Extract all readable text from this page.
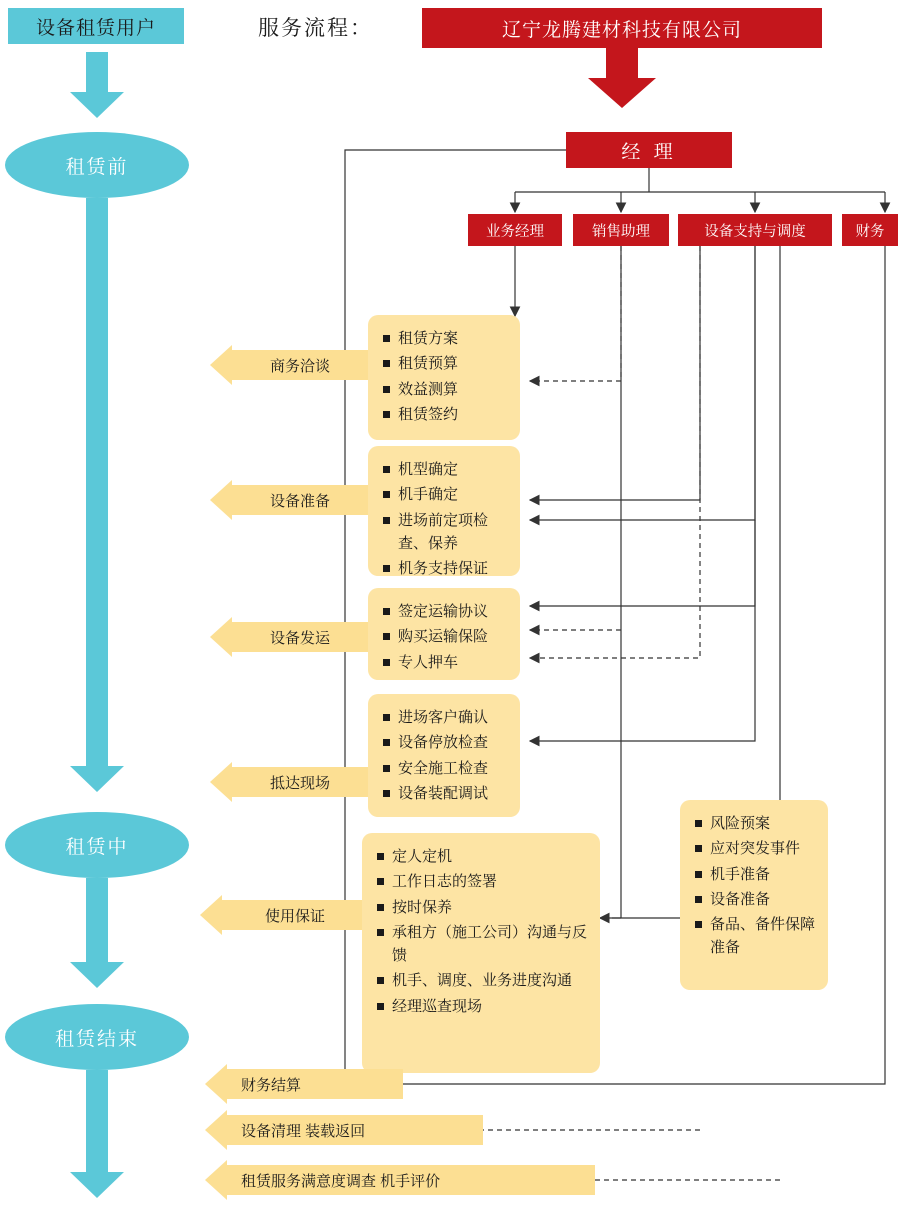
设备租赁用户
租赁前
租赁中
租赁结束
服务流程：	辽宁龙腾建材科技有限公司
经 理
业务经理	销售助理	设备支持与调度	财务
商务洽谈
租赁方案
租赁预算
效益测算
租赁签约
设备准备
机型确定
机手确定
进场前定项检查、保养
机务支持保证
设备发运
签定运输协议
购买运输保险
专人押车
抵达现场
进场客户确认
设备停放检查
安全施工检查
设备装配调试
使用保证
定人定机
工作日志的签署
按时保养
承租方（施工公司）沟通与反馈
机手、调度、业务进度沟通
经理巡查现场
风险预案
应对突发事件
机手准备
设备准备
备品、备件保障准备
财务结算
设备清理 装载返回
租赁服务满意度调查 机手评价
